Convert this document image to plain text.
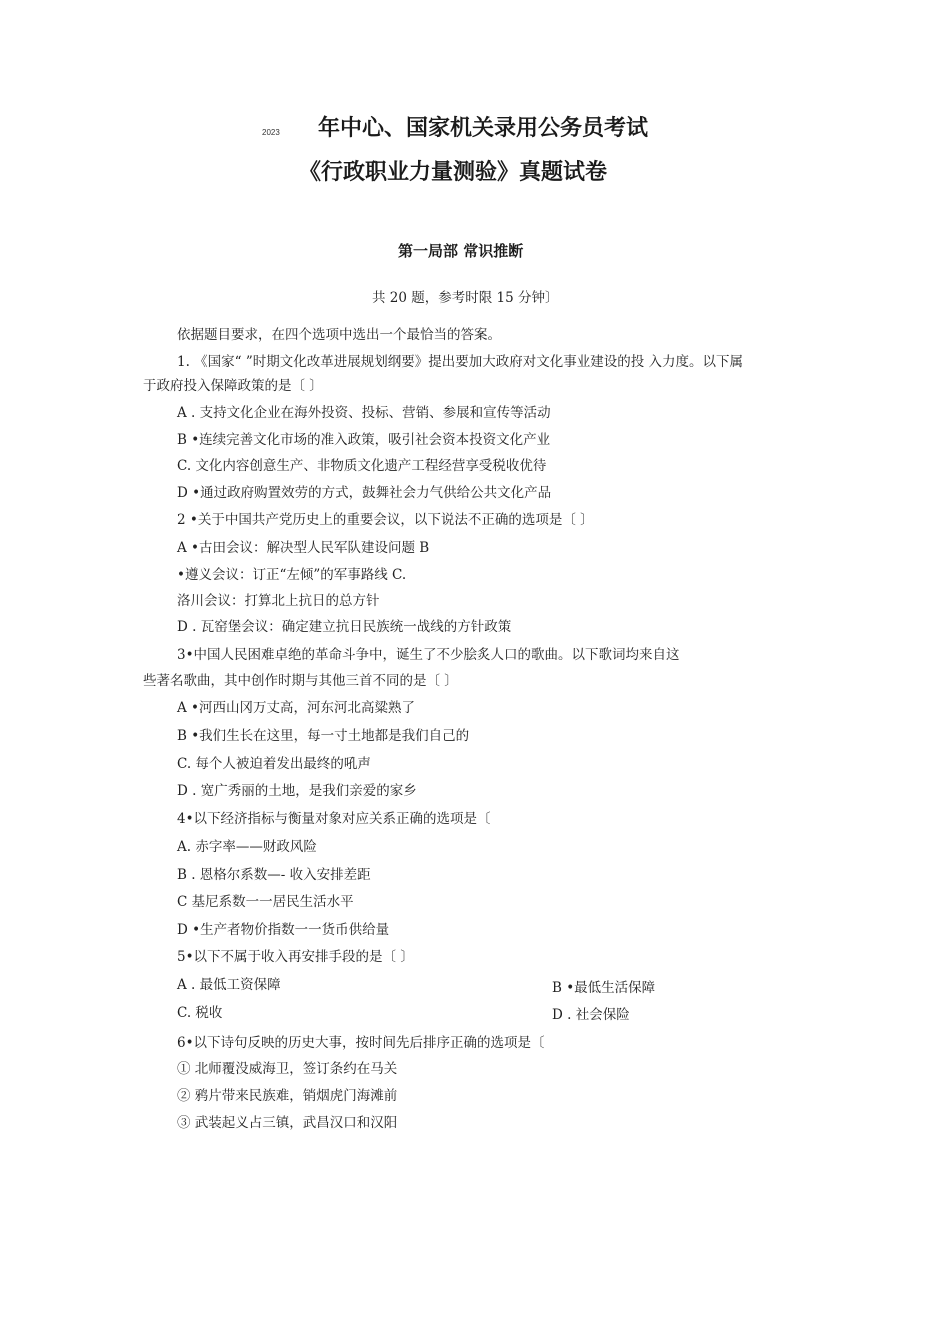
2023 年中心、国家机关录用公务员考试
《行政职业力量测验》真题试卷
第一局部 常识推断
共 20 题，参考时限 15 分钟〕
依据题目要求，在四个选项中选出一个最恰当的答案。
1. 《国家“ ”时期文化改革进展规划纲要》提出要加大政府对文化事业建设的投 入力度。以下属
于政府投入保障政策的是〔 〕
A . 支持文化企业在海外投资、投标、营销、参展和宣传等活动
B •连续完善文化市场的准入政策，吸引社会资本投资文化产业
C. 文化内容创意生产、非物质文化遗产工程经营享受税收优待
D •通过政府购置效劳的方式，鼓舞社会力气供给公共文化产品
2 •关于中国共产党历史上的重要会议，以下说法不正确的选项是〔 〕
A •古田会议：解决型人民军队建设问题 B
•遵义会议：订正“左倾”的军事路线 C.
洛川会议：打算北上抗日的总方针
D . 瓦窑堡会议：确定建立抗日民族统一战线的方针政策
3•中国人民困难卓绝的革命斗争中，诞生了不少脍炙人口的歌曲。以下歌词均来自这
些著名歌曲，其中创作时期与其他三首不同的是〔 〕
A •河西山冈万丈高，河东河北高粱熟了
B •我们生长在这里，每一寸土地都是我们自己的
C. 每个人被迫着发出最终的吼声
D . 宽广秀丽的土地，是我们亲爱的家乡
4•以下经济指标与衡量对象对应关系正确的选项是〔
A. 赤字率——财政风险
B . 恩格尔系数—- 收入安排差距
C 基尼系数一一居民生活水平
D •生产者物价指数一一货币供给量
5•以下不属于收入再安排手段的是〔 〕
A . 最低工资保障	B •最低生活保障
C. 税收	D . 社会保险
6•以下诗句反映的历史大事，按时间先后排序正确的选项是〔
① 北师覆没威海卫，签订条约在马关
② 鸦片带来民族难，销烟虎门海滩前
③ 武装起义占三镇，武昌汉口和汉阳
